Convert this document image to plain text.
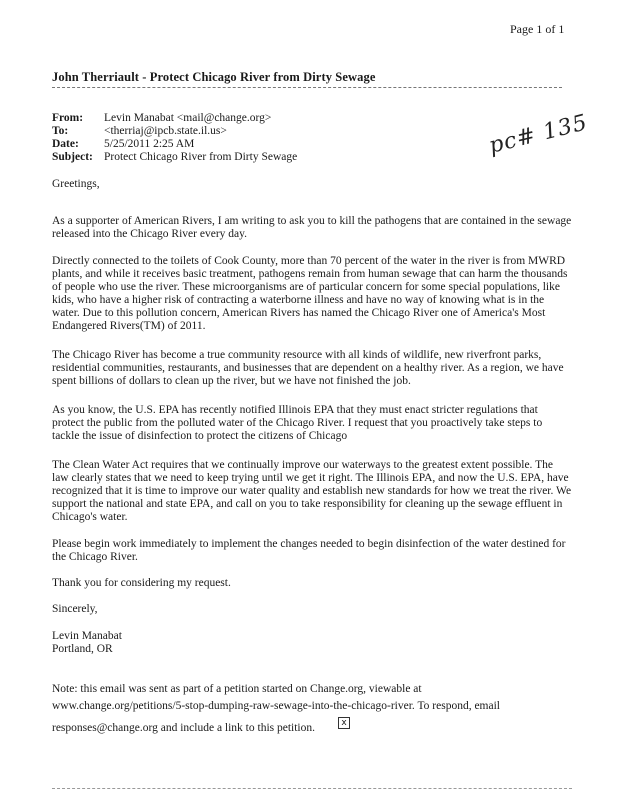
Page 1 of 1
John Therriault - Protect Chicago River from Dirty Sewage
From: Levin Manabat <mail@change.org>
To:	<therriaj@ipcb.state.il.us>
Date: 5/25/2011 2:25 AM
Subject: Protect Chicago River from Dirty Sewage	pc# 135
Greetings,

As a supporter of American Rivers, I am writing to ask you to kill the pathogens that are contained in the sewage released into the Chicago River every day.

Directly connected to the toilets of Cook County, more than 70 percent of the water in the river is from MWRD plants, and while it receives basic treatment, pathogens remain from human sewage that can harm the thousands of people who use the river. These microorganisms are of particular concern for some special populations, like kids, who have a higher risk of contracting a waterborne illness and have no way of knowing what is in the water. Due to this pollution concern, American Rivers has named the Chicago River one of America's Most Endangered Rivers(TM) of 2011.

The Chicago River has become a true community resource with all kinds of wildlife, new riverfront parks, residential communities, restaurants, and businesses that are dependent on a healthy river. As a region, we have spent billions of dollars to clean up the river, but we have not finished the job.

As you know, the U.S. EPA has recently notified Illinois EPA that they must enact stricter regulations that protect the public from the polluted water of the Chicago River. I request that you proactively take steps to tackle the issue of disinfection to protect the citizens of Chicago

The Clean Water Act requires that we continually improve our waterways to the greatest extent possible. The law clearly states that we need to keep trying until we get it right. The Illinois EPA, and now the U.S. EPA, have recognized that it is time to improve our water quality and establish new standards for how we treat the river. We support the national and state EPA, and call on you to take responsibility for cleaning up the sewage effluent in Chicago's water.

Please begin work immediately to implement the changes needed to begin disinfection of the water destined for the Chicago River.

Thank you for considering my request.

Sincerely,
Levin Manabat
Portland, OR
Note: this email was sent as part of a petition started on Change.org, viewable at
www.change.org/petitions/5-stop-dumping-raw-sewage-into-the-chicago-river. To respond, email
responses@change.org and include a link to this petition.	x
